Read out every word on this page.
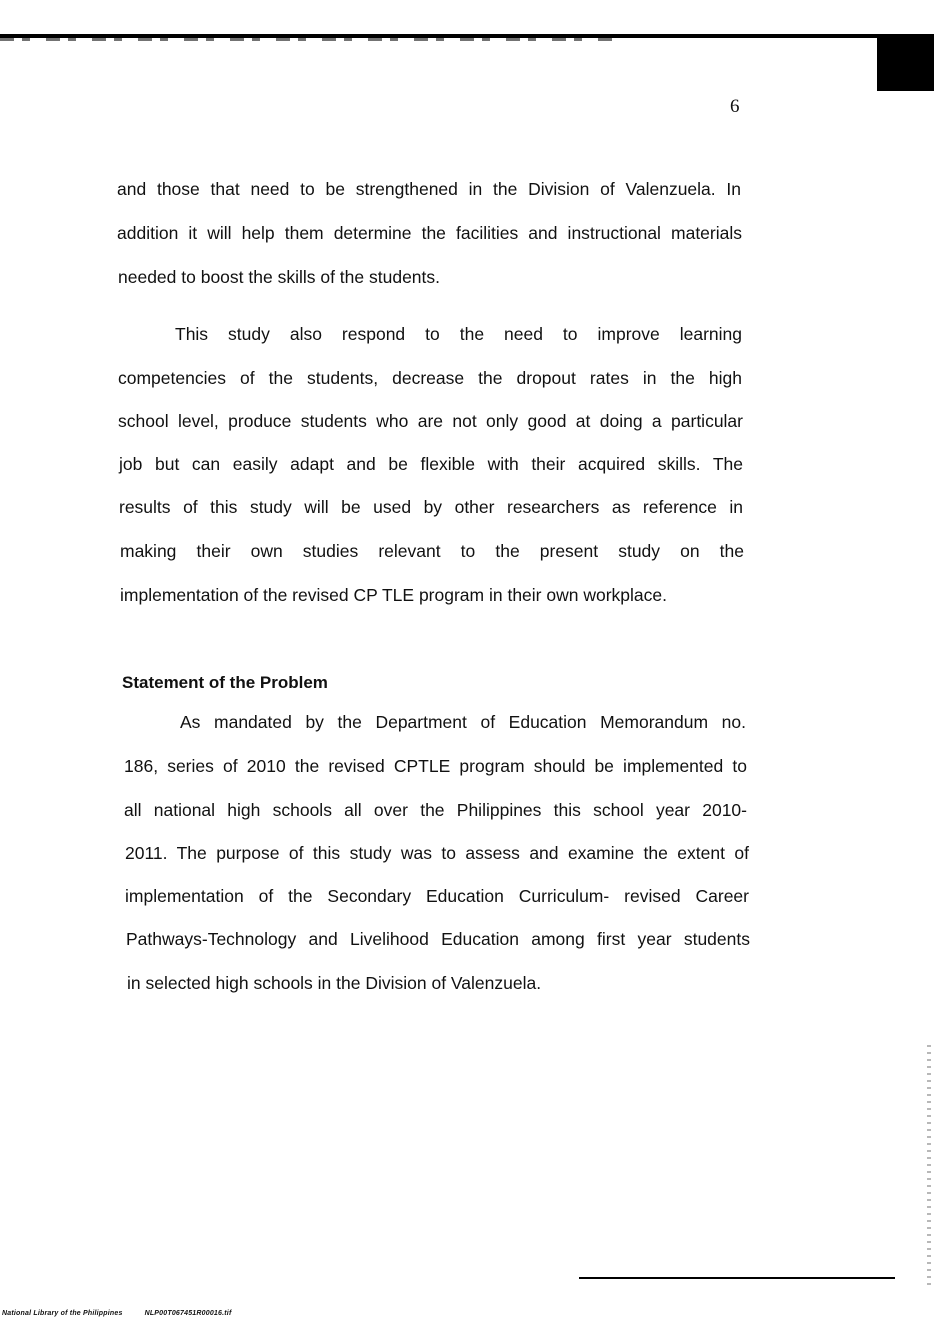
6
and those that need to be strengthened in the Division of Valenzuela. In
addition it will help them determine the facilities and instructional materials
needed to boost the skills of the students.
This study also respond to the need to improve learning
competencies of the students, decrease the dropout rates in the high
school level, produce students who are not only good at doing a particular
job but can easily adapt and be flexible with their acquired skills. The
results of this study will be used by other researchers as reference in
making their own studies relevant to the present study on the
implementation of the revised CP TLE program in their own workplace.
Statement of the Problem
As mandated by the Department of Education Memorandum no.
186, series of 2010 the revised CPTLE program should be implemented to
all national high schools all over the Philippines this school year 2010-
2011. The purpose of this study was to assess and examine the extent of
implementation of the Secondary Education Curriculum- revised Career
Pathways-Technology and Livelihood Education among first year students
in selected high schools in the Division of Valenzuela.
National Library of the Philippines	NLP00T067451R00016.tif
